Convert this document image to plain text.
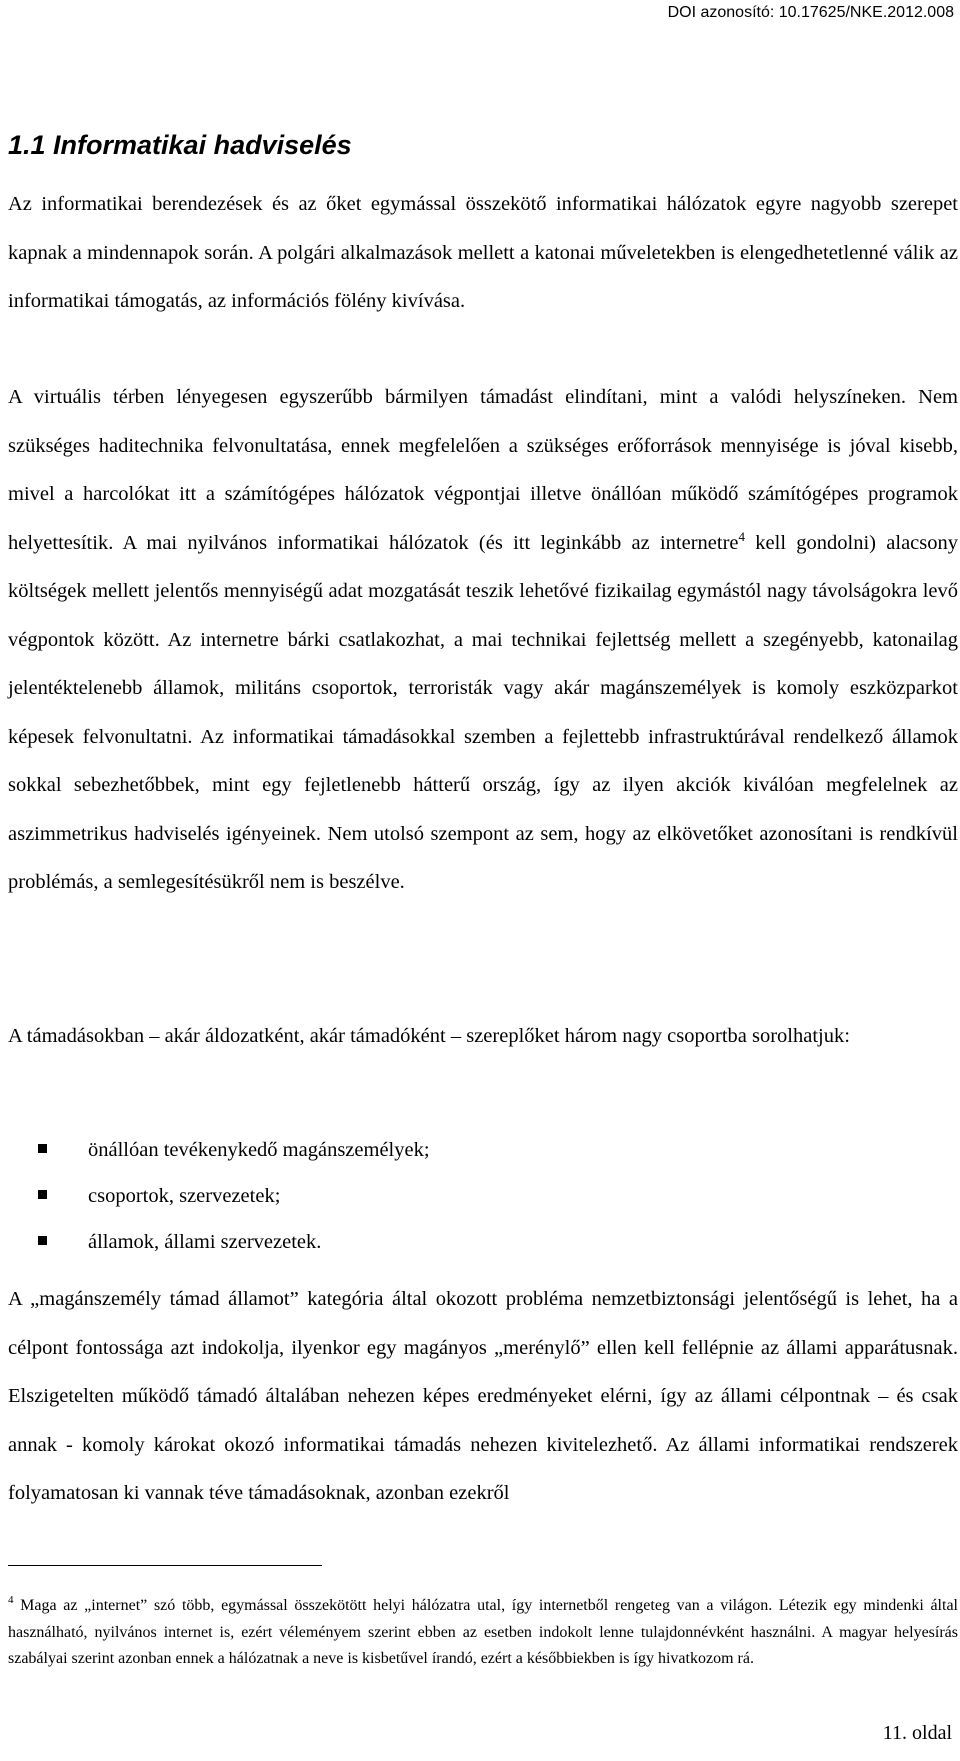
DOI azonosító: 10.17625/NKE.2012.008
1.1 Informatikai hadviselés

Az informatikai berendezések és az őket egymással összekötő informatikai hálózatok egyre nagyobb szerepet kapnak a mindennapok során. A polgári alkalmazások mellett a katonai műveletekben is elengedhetetlenné válik az informatikai támogatás, az információs fölény kivívása.

A virtuális térben lényegesen egyszerűbb bármilyen támadást elindítani, mint a valódi helyszíneken. Nem szükséges haditechnika felvonultatása, ennek megfelelően a szükséges erőforrások mennyisége is jóval kisebb, mivel a harcolókat itt a számítógépes hálózatok végpontjai illetve önállóan működő számítógépes programok helyettesítik. A mai nyilvános informatikai hálózatok (és itt leginkább az internetre$^4$ kell gondolni) alacsony költségek mellett jelentős mennyiségű adat mozgatását teszik lehetővé fizikailag egymástól nagy távolságokra levő végpontok között. Az internetre bárki csatlakozhat, a mai technikai fejlettség mellett a szegényebb, katonailag jelentéktelenebb államok, militáns csoportok, terroristák vagy akár magánszemélyek is komoly eszközparkot képesek felvonultatni. Az informatikai támadásokkal szemben a fejlettebb infrastruktúrával rendelkező államok sokkal sebezhetőbbek, mint egy fejletlenebb hátterű ország, így az ilyen akciók kiválóan megfelelnek az aszimmetrikus hadviselés igényeinek. Nem utolsó szempont az sem, hogy az elkövetőket azonosítani is rendkívül problémás, a semlegesítésükről nem is beszélve.

A támadásokban – akár áldozatként, akár támadóként – szereplőket három nagy csoportba sorolhatjuk:

önállóan tevékenykedő magánszemélyek;
csoportok, szervezetek;
államok, állami szervezetek.

A „magánszemély támad államot” kategória által okozott probléma nemzetbiztonsági jelentőségű is lehet, ha a célpont fontossága azt indokolja, ilyenkor egy magányos „merénylő” ellen kell fellépnie az állami apparátusnak. Elszigetelten működő támadó általában nehezen képes eredményeket elérni, így az állami célpontnak – és csak annak - komoly károkat okozó informatikai támadás nehezen kivitelezhető. Az állami informatikai rendszerek folyamatosan ki vannak téve támadásoknak, azonban ezekről

$^4$ Maga az „internet” szó több, egymással összekötött helyi hálózatra utal, így internetből rengeteg van a világon. Létezik egy mindenki által használható, nyilvános internet is, ezért véleményem szerint ebben az esetben indokolt lenne tulajdonnévként használni. A magyar helyesírás szabályai szerint azonban ennek a hálózatnak a neve is kisbetűvel írandó, ezért a későbbiekben is így hivatkozom rá.

11. oldal
